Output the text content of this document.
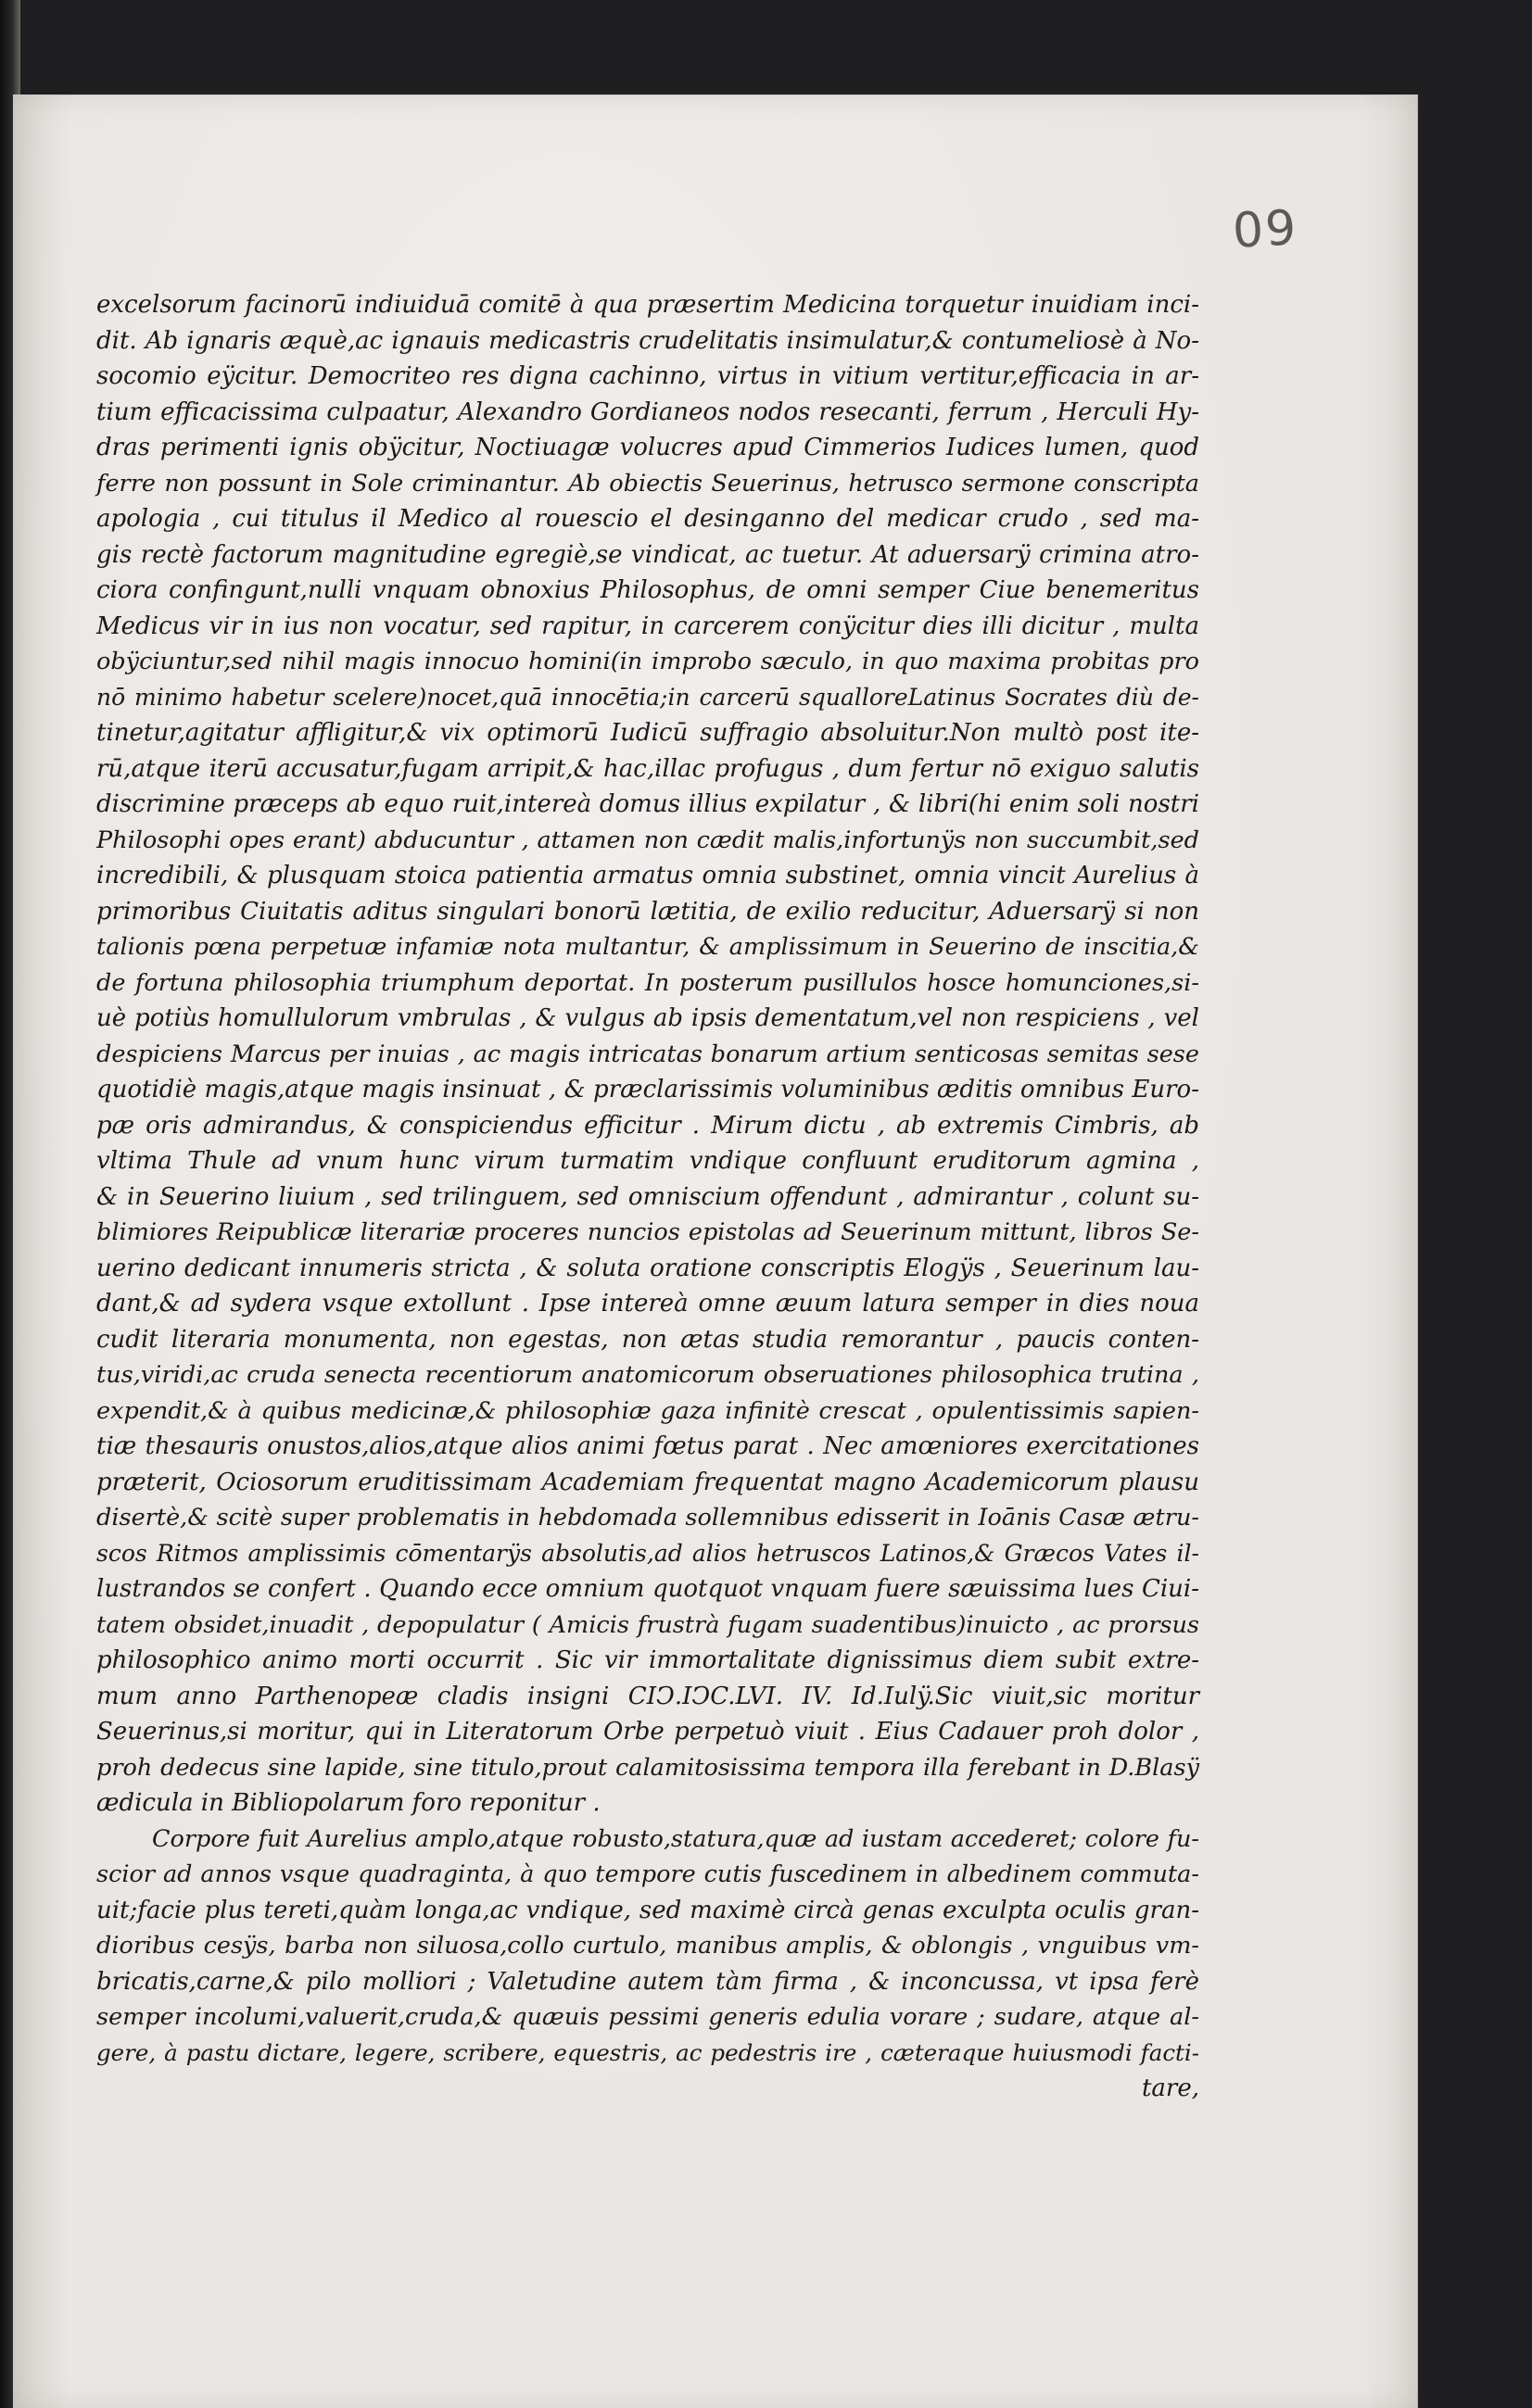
09
excelsorum facinorū indiuiduā comitē à qua præsertim Medicina torquetur inuidiam inci-
dit. Ab ignaris æquè,ac ignauis medicastris crudelitatis insimulatur,& contumeliosè à No-
socomio eÿcitur. Democriteo res digna cachinno, virtus in vitium vertitur,efficacia in ar-
tium efficacissima culpaatur, Alexandro Gordianeos nodos resecanti, ferrum , Herculi Hy-
dras perimenti ignis obÿcitur, Noctiuagæ volucres apud Cimmerios Iudices lumen, quod
ferre non possunt in Sole criminantur. Ab obiectis Seuerinus, hetrusco sermone conscripta
apologia , cui titulus il Medico al rouescio el desinganno del medicar crudo , sed ma-
gis rectè factorum magnitudine egregiè,se vindicat, ac tuetur. At aduersarÿ crimina atro-
ciora confingunt,nulli vnquam obnoxius Philosophus, de omni semper Ciue benemeritus
Medicus vir in ius non vocatur, sed rapitur, in carcerem conÿcitur dies illi dicitur , multa
obÿciuntur,sed nihil magis innocuo homini(in improbo sæculo, in quo maxima probitas pro
nō minimo habetur scelere)nocet,quā innocētia;in carcerū squalloreLatinus Socrates diù de-
tinetur,agitatur affligitur,& vix optimorū Iudicū suffragio absoluitur.Non multò post ite-
rū,atque iterū accusatur,fugam arripit,& hac,illac profugus , dum fertur nō exiguo salutis
discrimine præceps ab equo ruit,intereà domus illius expilatur , & libri(hi enim soli nostri
Philosophi opes erant) abducuntur , attamen non cædit malis,infortunÿs non succumbit,sed
incredibili, & plusquam stoica patientia armatus omnia substinet, omnia vincit Aurelius à
primoribus Ciuitatis aditus singulari bonorū lætitia, de exilio reducitur, Aduersarÿ si non
talionis pœna perpetuæ infamiæ nota multantur, & amplissimum in Seuerino de inscitia,&
de fortuna philosophia triumphum deportat. In posterum pusillulos hosce homunciones,si-
uè potiùs homullulorum vmbrulas , & vulgus ab ipsis dementatum,vel non respiciens , vel
despiciens Marcus per inuias , ac magis intricatas bonarum artium senticosas semitas sese
quotidiè magis,atque magis insinuat , & præclarissimis voluminibus æditis omnibus Euro-
pæ oris admirandus, & conspiciendus efficitur . Mirum dictu , ab extremis Cimbris, ab
vltima Thule ad vnum hunc virum turmatim vndique confluunt eruditorum agmina ,
& in Seuerino liuium , sed trilinguem, sed omniscium offendunt , admirantur , colunt su-
blimiores Reipublicæ literariæ proceres nuncios epistolas ad Seuerinum mittunt, libros Se-
uerino dedicant innumeris stricta , & soluta oratione conscriptis Elogÿs , Seuerinum lau-
dant,& ad sydera vsque extollunt . Ipse intereà omne æuum latura semper in dies noua
cudit literaria monumenta, non egestas, non ætas studia remorantur , paucis conten-
tus,viridi,ac cruda senecta recentiorum anatomicorum obseruationes philosophica trutina ,
expendit,& à quibus medicinæ,& philosophiæ gaza infinitè crescat , opulentissimis sapien-
tiæ thesauris onustos,alios,atque alios animi fœtus parat . Nec amœniores exercitationes
præterit, Ociosorum eruditissimam Academiam frequentat magno Academicorum plausu
disertè,& scitè super problematis in hebdomada sollemnibus edisserit in Ioānis Casæ ætru-
scos Ritmos amplissimis cōmentarÿs absolutis,ad alios hetruscos Latinos,& Græcos Vates il-
lustrandos se confert . Quando ecce omnium quotquot vnquam fuere sæuissima lues Ciui-
tatem obsidet,inuadit , depopulatur ( Amicis frustrà fugam suadentibus)inuicto , ac prorsus
philosophico animo morti occurrit . Sic vir immortalitate dignissimus diem subit extre-
mum anno Parthenopeæ cladis insigni CIↃ.IↃC.LVI. IV. Id.Iulÿ.Sic viuit,sic moritur
Seuerinus,si moritur, qui in Literatorum Orbe perpetuò viuit . Eius Cadauer proh dolor ,
proh dedecus sine lapide, sine titulo,prout calamitosissima tempora illa ferebant in D.Blasÿ
ædicula in Bibliopolarum foro reponitur .
Corpore fuit Aurelius amplo,atque robusto,statura,quæ ad iustam accederet; colore fu-
scior ad annos vsque quadraginta, à quo tempore cutis fuscedinem in albedinem commuta-
uit;facie plus tereti,quàm longa,ac vndique, sed maximè circà genas exculpta oculis gran-
dioribus cesÿs, barba non siluosa,collo curtulo, manibus amplis, & oblongis , vnguibus vm-
bricatis,carne,& pilo molliori ; Valetudine autem tàm firma , & inconcussa, vt ipsa ferè
semper incolumi,valuerit,cruda,& quæuis pessimi generis edulia vorare ; sudare, atque al-
gere, à pastu dictare, legere, scribere, equestris, ac pedestris ire , cæteraque huiusmodi facti-
tare,
